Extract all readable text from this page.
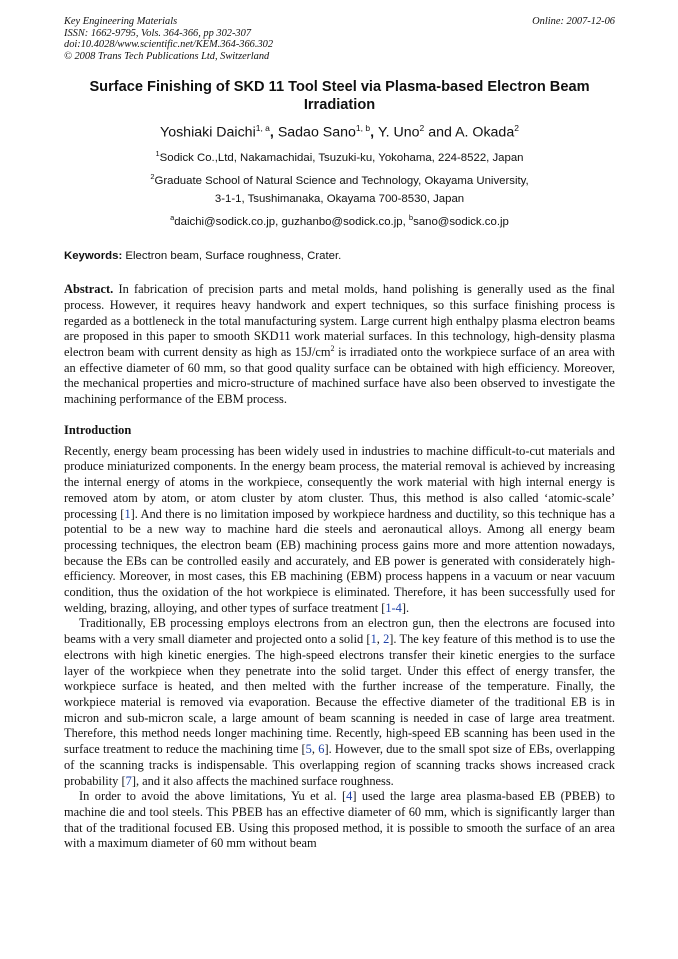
Key Engineering Materials
ISSN: 1662-9795, Vols. 364-366, pp 302-307
doi:10.4028/www.scientific.net/KEM.364-366.302
© 2008 Trans Tech Publications Ltd, Switzerland
Online: 2007-12-06
Surface Finishing of SKD 11 Tool Steel via Plasma-based Electron Beam Irradiation
Yoshiaki Daichi$^{1, a}$, Sadao Sano$^{1, b}$, Y. Uno$^2$ and A. Okada$^2$
$^1$Sodick Co.,Ltd, Nakamachidai, Tsuzuki-ku, Yokohama, 224-8522, Japan
$^2$Graduate School of Natural Science and Technology, Okayama University,
3-1-1, Tsushimanaka, Okayama 700-8530, Japan
$^a$daichi@sodick.co.jp, guzhanbo@sodick.co.jp, $^b$sano@sodick.co.jp
Keywords: Electron beam, Surface roughness, Crater.

Abstract. In fabrication of precision parts and metal molds, hand polishing is generally used as the final process. However, it requires heavy handwork and expert techniques, so this surface finishing process is regarded as a bottleneck in the total manufacturing system. Large current high enthalpy plasma electron beams are proposed in this paper to smooth SKD11 work material surfaces. In this technology, high-density plasma electron beam with current density as high as $15J/cm^2$ is irradiated onto the workpiece surface of an area with an effective diameter of 60 mm, so that good quality surface can be obtained with high efficiency. Moreover, the mechanical properties and micro-structure of machined surface have also been observed to investigate the machining performance of the EBM process.

Introduction

Recently, energy beam processing has been widely used in industries to machine difficult-to-cut materials and produce miniaturized components. In the energy beam process, the material removal is achieved by increasing the internal energy of atoms in the workpiece, consequently the work material with high internal energy is removed atom by atom, or atom cluster by atom cluster. Thus, this method is also called ‘atomic-scale’ processing [1]. And there is no limitation imposed by workpiece hardness and ductility, so this technique has a potential to be a new way to machine hard die steels and aeronautical alloys. Among all energy beam processing techniques, the electron beam (EB) machining process gains more and more attention nowadays, because the EBs can be controlled easily and accurately, and EB power is generated with considerately high-efficiency. Moreover, in most cases, this EB machining (EBM) process happens in a vacuum or near vacuum condition, thus the oxidation of the hot workpiece is eliminated. Therefore, it has been successfully used for welding, brazing, alloying, and other types of surface treatment [1-4].

Traditionally, EB processing employs electrons from an electron gun, then the electrons are focused into beams with a very small diameter and projected onto a solid [1, 2]. The key feature of this method is to use the electrons with high kinetic energies. The high-speed electrons transfer their kinetic energies to the surface layer of the workpiece when they penetrate into the solid target. Under this effect of energy transfer, the workpiece surface is heated, and then melted with the further increase of the temperature. Finally, the workpiece material is removed via evaporation. Because the effective diameter of the traditional EB is in micron and sub-micron scale, a large amount of beam scanning is needed in case of large area treatment. Therefore, this method needs longer machining time. Recently, high-speed EB scanning has been used in the surface treatment to reduce the machining time [5, 6]. However, due to the small spot size of EBs, overlapping of the scanning tracks is indispensable. This overlapping region of scanning tracks shows increased crack probability [7], and it also affects the machined surface roughness.

In order to avoid the above limitations, Yu et al. [4] used the large area plasma-based EB (PBEB) to machine die and tool steels. This PBEB has an effective diameter of 60 mm, which is significantly larger than that of the traditional focused EB. Using this proposed method, it is possible to smooth the surface of an area with a maximum diameter of 60 mm without beam
